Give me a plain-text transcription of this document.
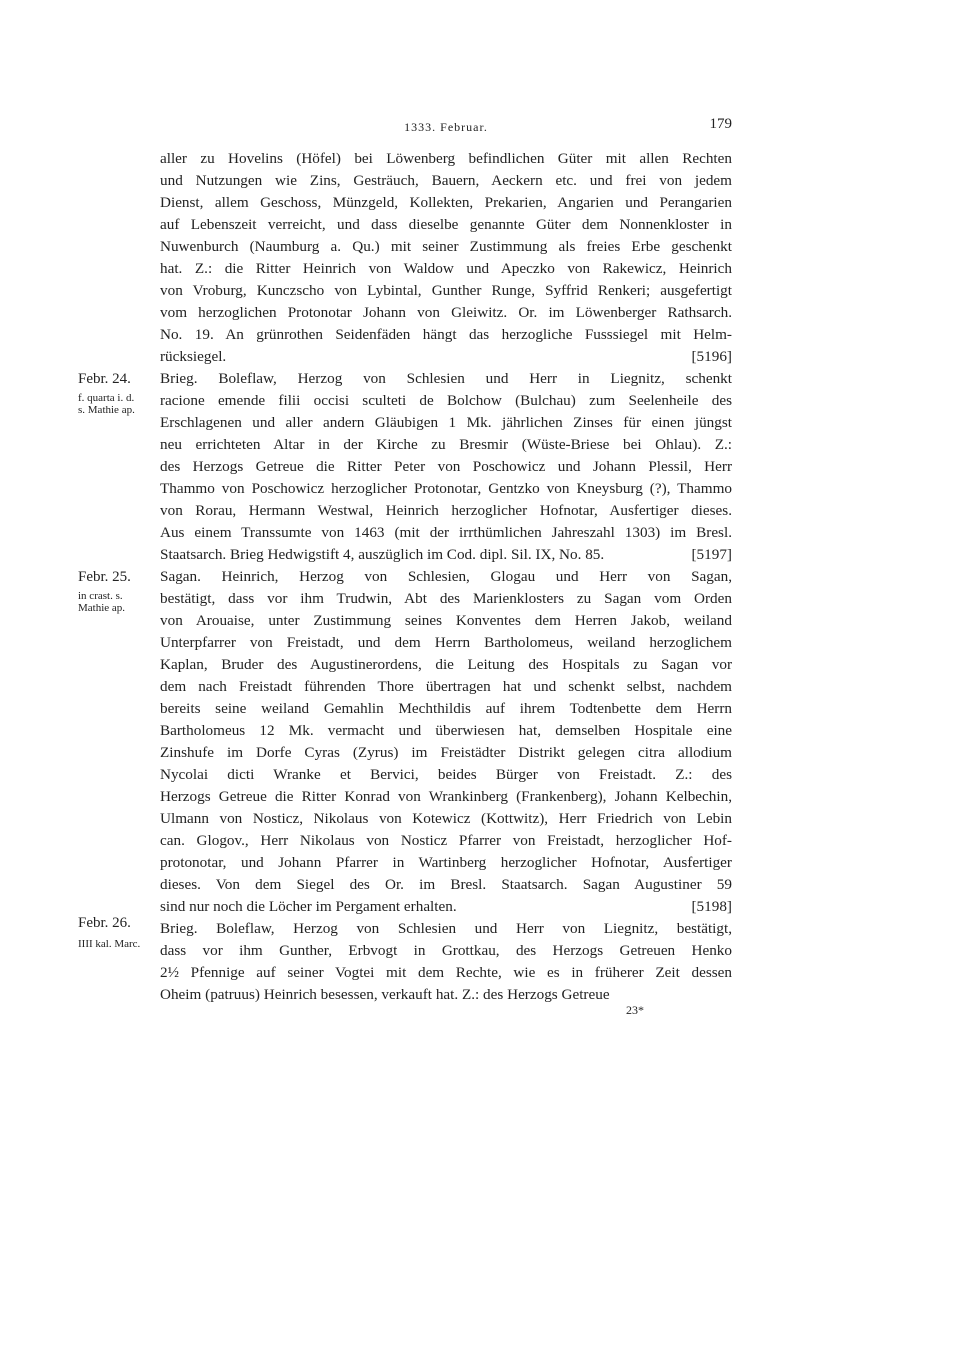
1333. Februar.	179
aller zu Hovelins (Höfel) bei Löwenberg befindlichen Güter mit allen Rechten
und Nutzungen wie Zins, Gesträuch, Bauern, Aeckern etc. und frei von jedem
Dienst, allem Geschoss, Münzgeld, Kollekten, Prekarien, Angarien und Perangarien
auf Lebenszeit verreicht, und dass dieselbe genannte Güter dem Nonnenkloster in
Nuwenburch (Naumburg a. Qu.) mit seiner Zustimmung als freies Erbe geschenkt
hat. Z.: die Ritter Heinrich von Waldow und Apeczko von Rakewicz, Heinrich
von Vroburg, Kunczscho von Lybintal, Gunther Runge, Syffrid Renkeri; ausgefertigt
vom herzoglichen Protonotar Johann von Gleiwitz. Or. im Löwenberger Rathsarch.
No. 19. An grünrothen Seidenfäden hängt das herzogliche Fusssiegel mit Helm-
rücksiegel.	[5196]
Brieg. Boleflaw, Herzog von Schlesien und Herr in Liegnitz, schenkt
racione emende filii occisi sculteti de Bolchow (Bulchau) zum Seelenheile des
Erschlagenen und aller andern Gläubigen 1 Mk. jährlichen Zinses für einen jüngst
neu errichteten Altar in der Kirche zu Bresmir (Wüste-Briese bei Ohlau). Z.:
des Herzogs Getreue die Ritter Peter von Poschowicz und Johann Plessil, Herr
Thammo von Poschowicz herzoglicher Protonotar, Gentzko von Kneysburg (?), Thammo
von Rorau, Hermann Westwal, Heinrich herzoglicher Hofnotar, Ausfertiger dieses.
Aus einem Transsumte von 1463 (mit der irrthümlichen Jahreszahl 1303) im Bresl.
Staatsarch. Brieg Hedwigstift 4, auszüglich im Cod. dipl. Sil. IX, No. 85.	[5197]
Sagan. Heinrich, Herzog von Schlesien, Glogau und Herr von Sagan,
bestätigt, dass vor ihm Trudwin, Abt des Marienklosters zu Sagan vom Orden
von Arouaise, unter Zustimmung seines Konventes dem Herren Jakob, weiland
Unterpfarrer von Freistadt, und dem Herrn Bartholomeus, weiland herzoglichem
Kaplan, Bruder des Augustinerordens, die Leitung des Hospitals zu Sagan vor
dem nach Freistadt führenden Thore übertragen hat und schenkt selbst, nachdem
bereits seine weiland Gemahlin Mechthildis auf ihrem Todtenbette dem Herrn
Bartholomeus 12 Mk. vermacht und überwiesen hat, demselben Hospitale eine
Zinshufe im Dorfe Cyras (Zyrus) im Freistädter Distrikt gelegen citra allodium
Nycolai dicti Wranke et Bervici, beides Bürger von Freistadt. Z.: des
Herzogs Getreue die Ritter Konrad von Wrankinberg (Frankenberg), Johann Kelbechin,
Ulmann von Nosticz, Nikolaus von Kotewicz (Kottwitz), Herr Friedrich von Lebin
can. Glogov., Herr Nikolaus von Nosticz Pfarrer von Freistadt, herzoglicher Hof-
protonotar, und Johann Pfarrer in Wartinberg herzoglicher Hofnotar, Ausfertiger
dieses. Von dem Siegel des Or. im Bresl. Staatsarch. Sagan Augustiner 59
sind nur noch die Löcher im Pergament erhalten.	[5198]
Brieg. Boleflaw, Herzog von Schlesien und Herr von Liegnitz, bestätigt,
dass vor ihm Gunther, Erbvogt in Grottkau, des Herzogs Getreuen Henko
2½ Pfennige auf seiner Vogtei mit dem Rechte, wie es in früherer Zeit dessen
Oheim (patruus) Heinrich besessen, verkauft hat. Z.: des Herzogs Getreue
Febr. 24.
f. quarta i. d.
s. Mathie ap.
Febr. 25.
in crast. s.
Mathie ap.
Febr. 26.
IIII kal. Marc.
23*
